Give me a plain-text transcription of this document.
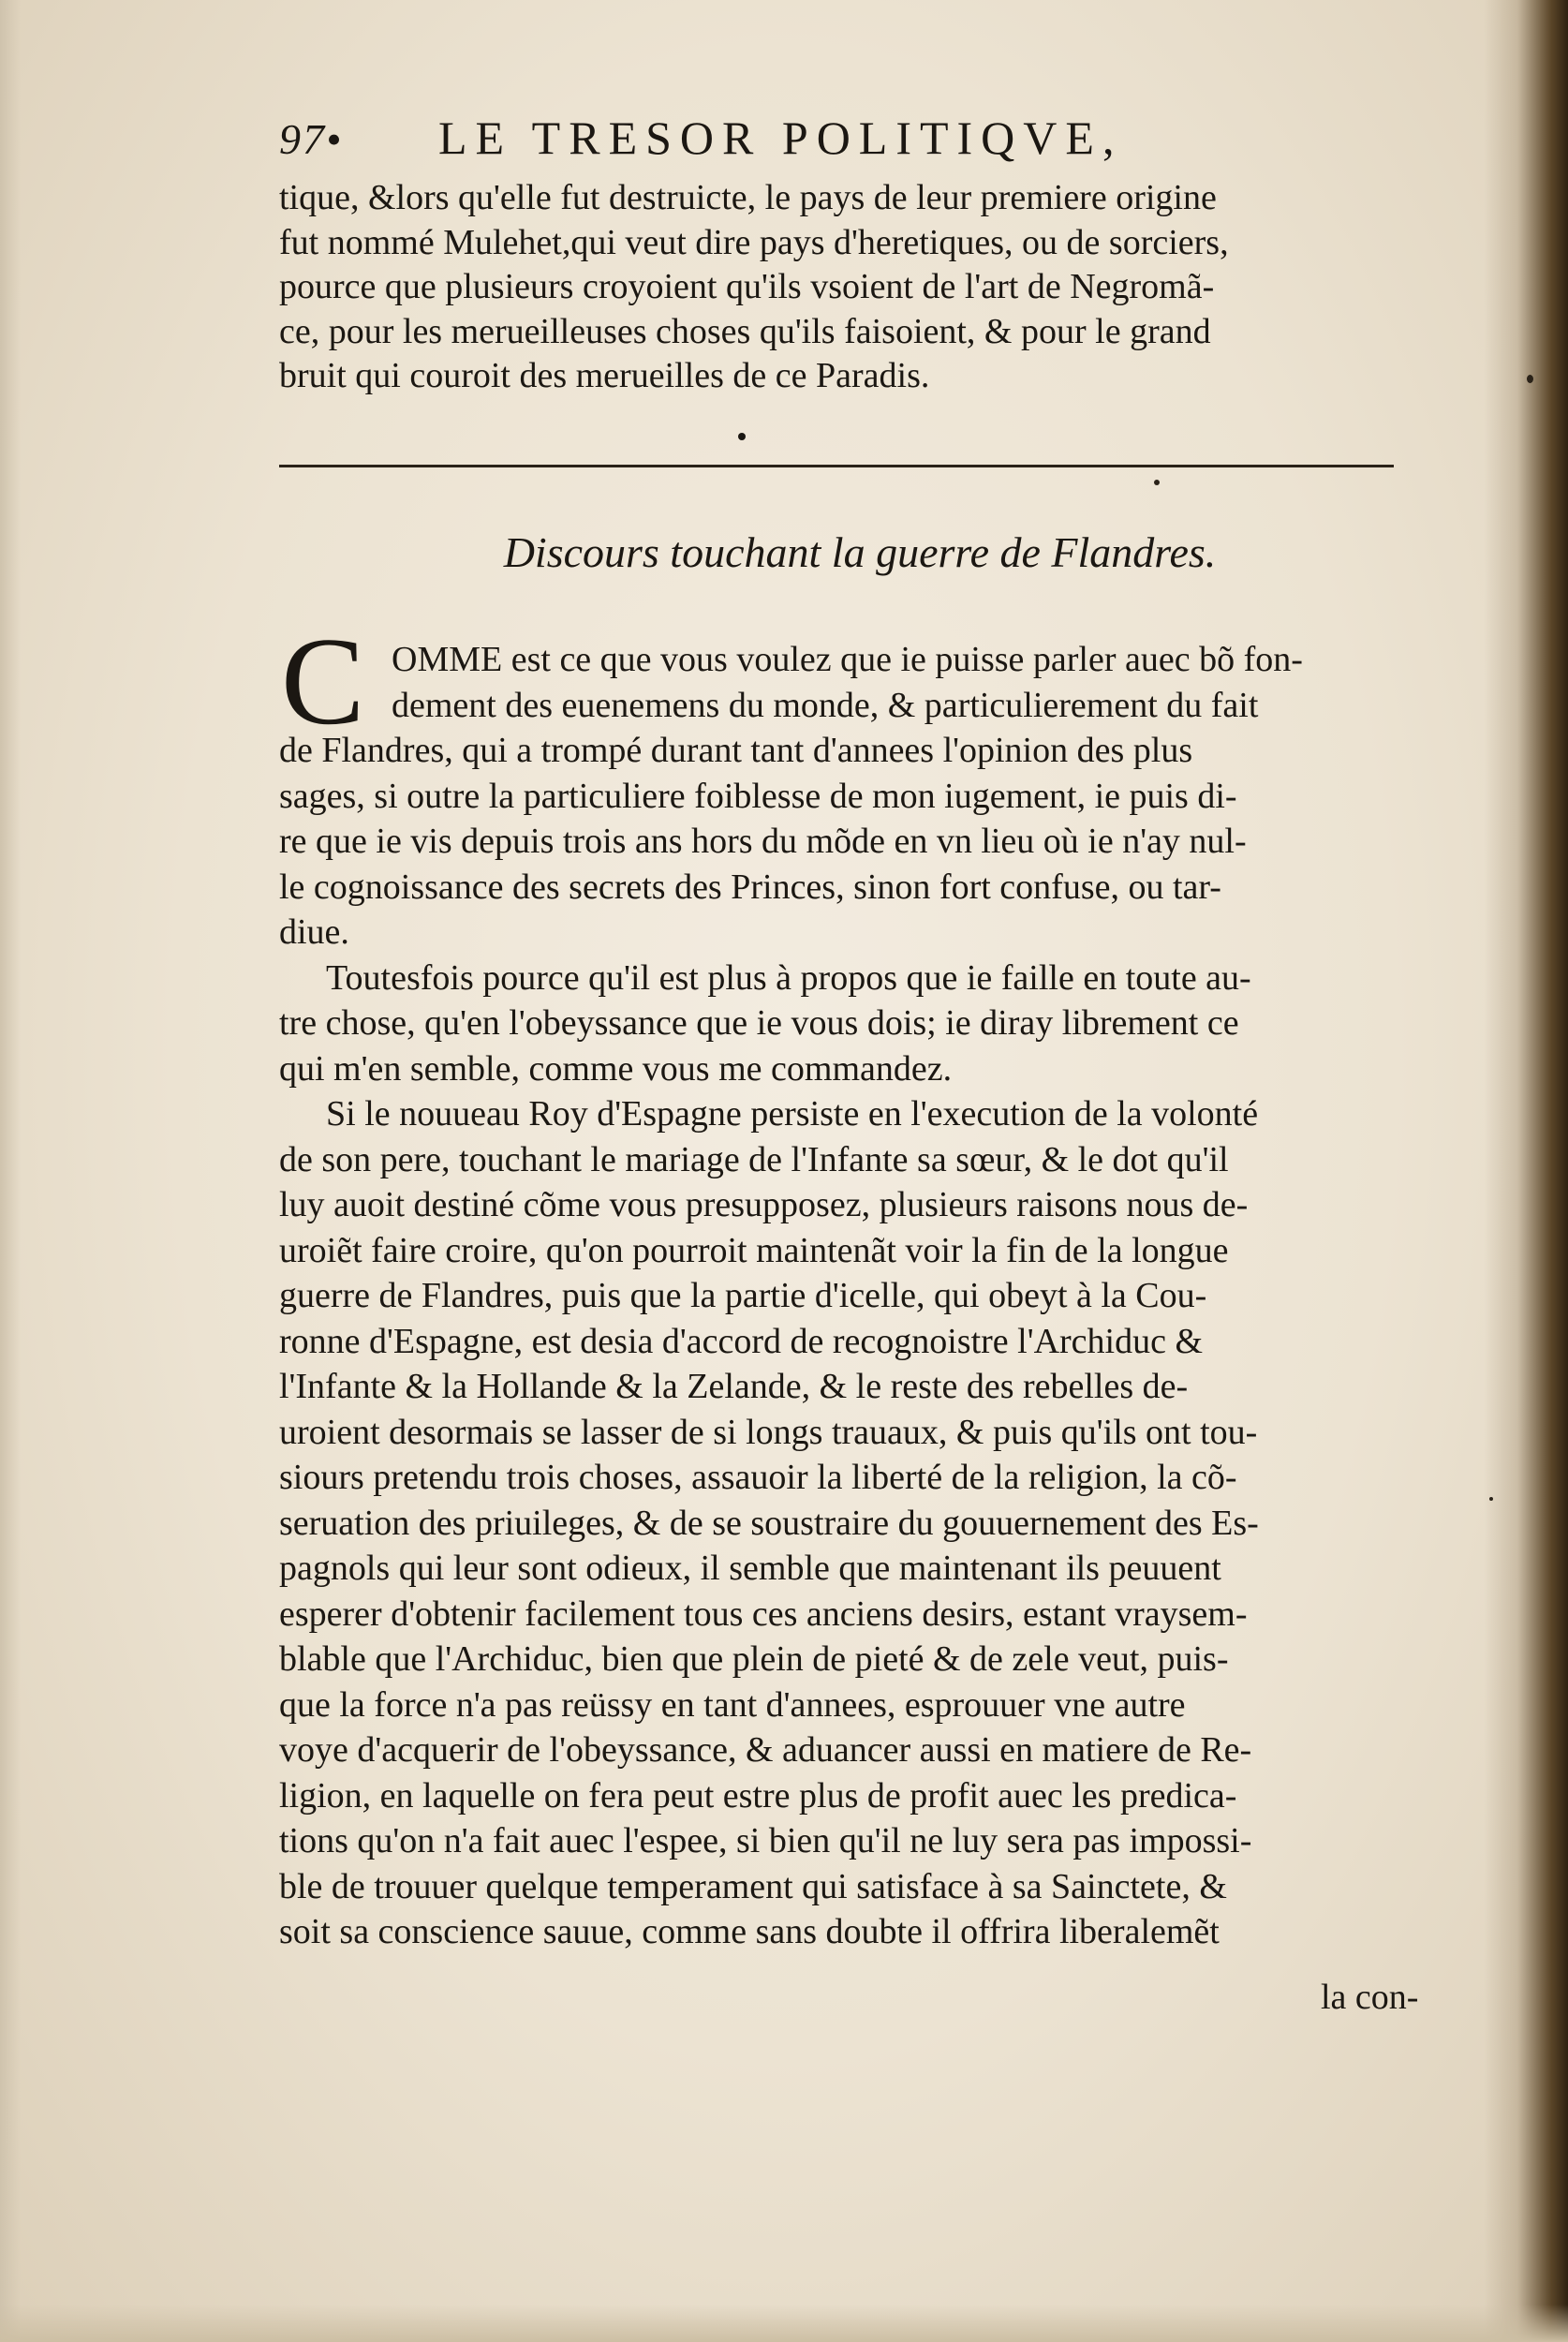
97• LE TRESOR POLITIQVE,
tique, &lors qu'elle fut destruicte, le pays de leur premiere origine
fut nommé Mulehet,qui veut dire pays d'heretiques, ou de sorciers,
pource que plusieurs croyoient qu'ils vsoient de l'art de Negromã-
ce, pour les merueilleuses choses qu'ils faisoient, & pour le grand
bruit qui couroit des merueilles de ce Paradis.
Discours touchant la guerre de Flandres.
C OMME est ce que vous voulez que ie puisse parler auec bõ fon-
dement des euenemens du monde, & particulierement du fait
de Flandres, qui a trompé durant tant d'annees l'opinion des plus
sages, si outre la particuliere foiblesse de mon iugement, ie puis di-
re que ie vis depuis trois ans hors du mõde en vn lieu où ie n'ay nul-
le cognoissance des secrets des Princes, sinon fort confuse, ou tar-
diue.
Toutesfois pource qu'il est plus à propos que ie faille en toute au-
tre chose, qu'en l'obeyssance que ie vous dois; ie diray librement ce
qui m'en semble, comme vous me commandez.
Si le nouueau Roy d'Espagne persiste en l'execution de la volonté
de son pere, touchant le mariage de l'Infante sa sœur, & le dot qu'il
luy auoit destiné cõme vous presupposez, plusieurs raisons nous de-
uroiẽt faire croire, qu'on pourroit maintenãt voir la fin de la longue
guerre de Flandres, puis que la partie d'icelle, qui obeyt à la Cou-
ronne d'Espagne, est desia d'accord de recognoistre l'Archiduc &
l'Infante & la Hollande & la Zelande, & le reste des rebelles de-
uroient desormais se lasser de si longs trauaux, & puis qu'ils ont tou-
siours pretendu trois choses, assauoir la liberté de la religion, la cõ-
seruation des priuileges, & de se soustraire du gouuernement des Es-
pagnols qui leur sont odieux, il semble que maintenant ils peuuent
esperer d'obtenir facilement tous ces anciens desirs, estant vraysem-
blable que l'Archiduc, bien que plein de pieté & de zele veut, puis-
que la force n'a pas reüssy en tant d'annees, esprouuer vne autre
voye d'acquerir de l'obeyssance, & aduancer aussi en matiere de Re-
ligion, en laquelle on fera peut estre plus de profit auec les predica-
tions qu'on n'a fait auec l'espee, si bien qu'il ne luy sera pas impossi-
ble de trouuer quelque temperament qui satisface à sa Sainctete, &
soit sa conscience sauue, comme sans doubte il offrira liberalemẽt
la con-
